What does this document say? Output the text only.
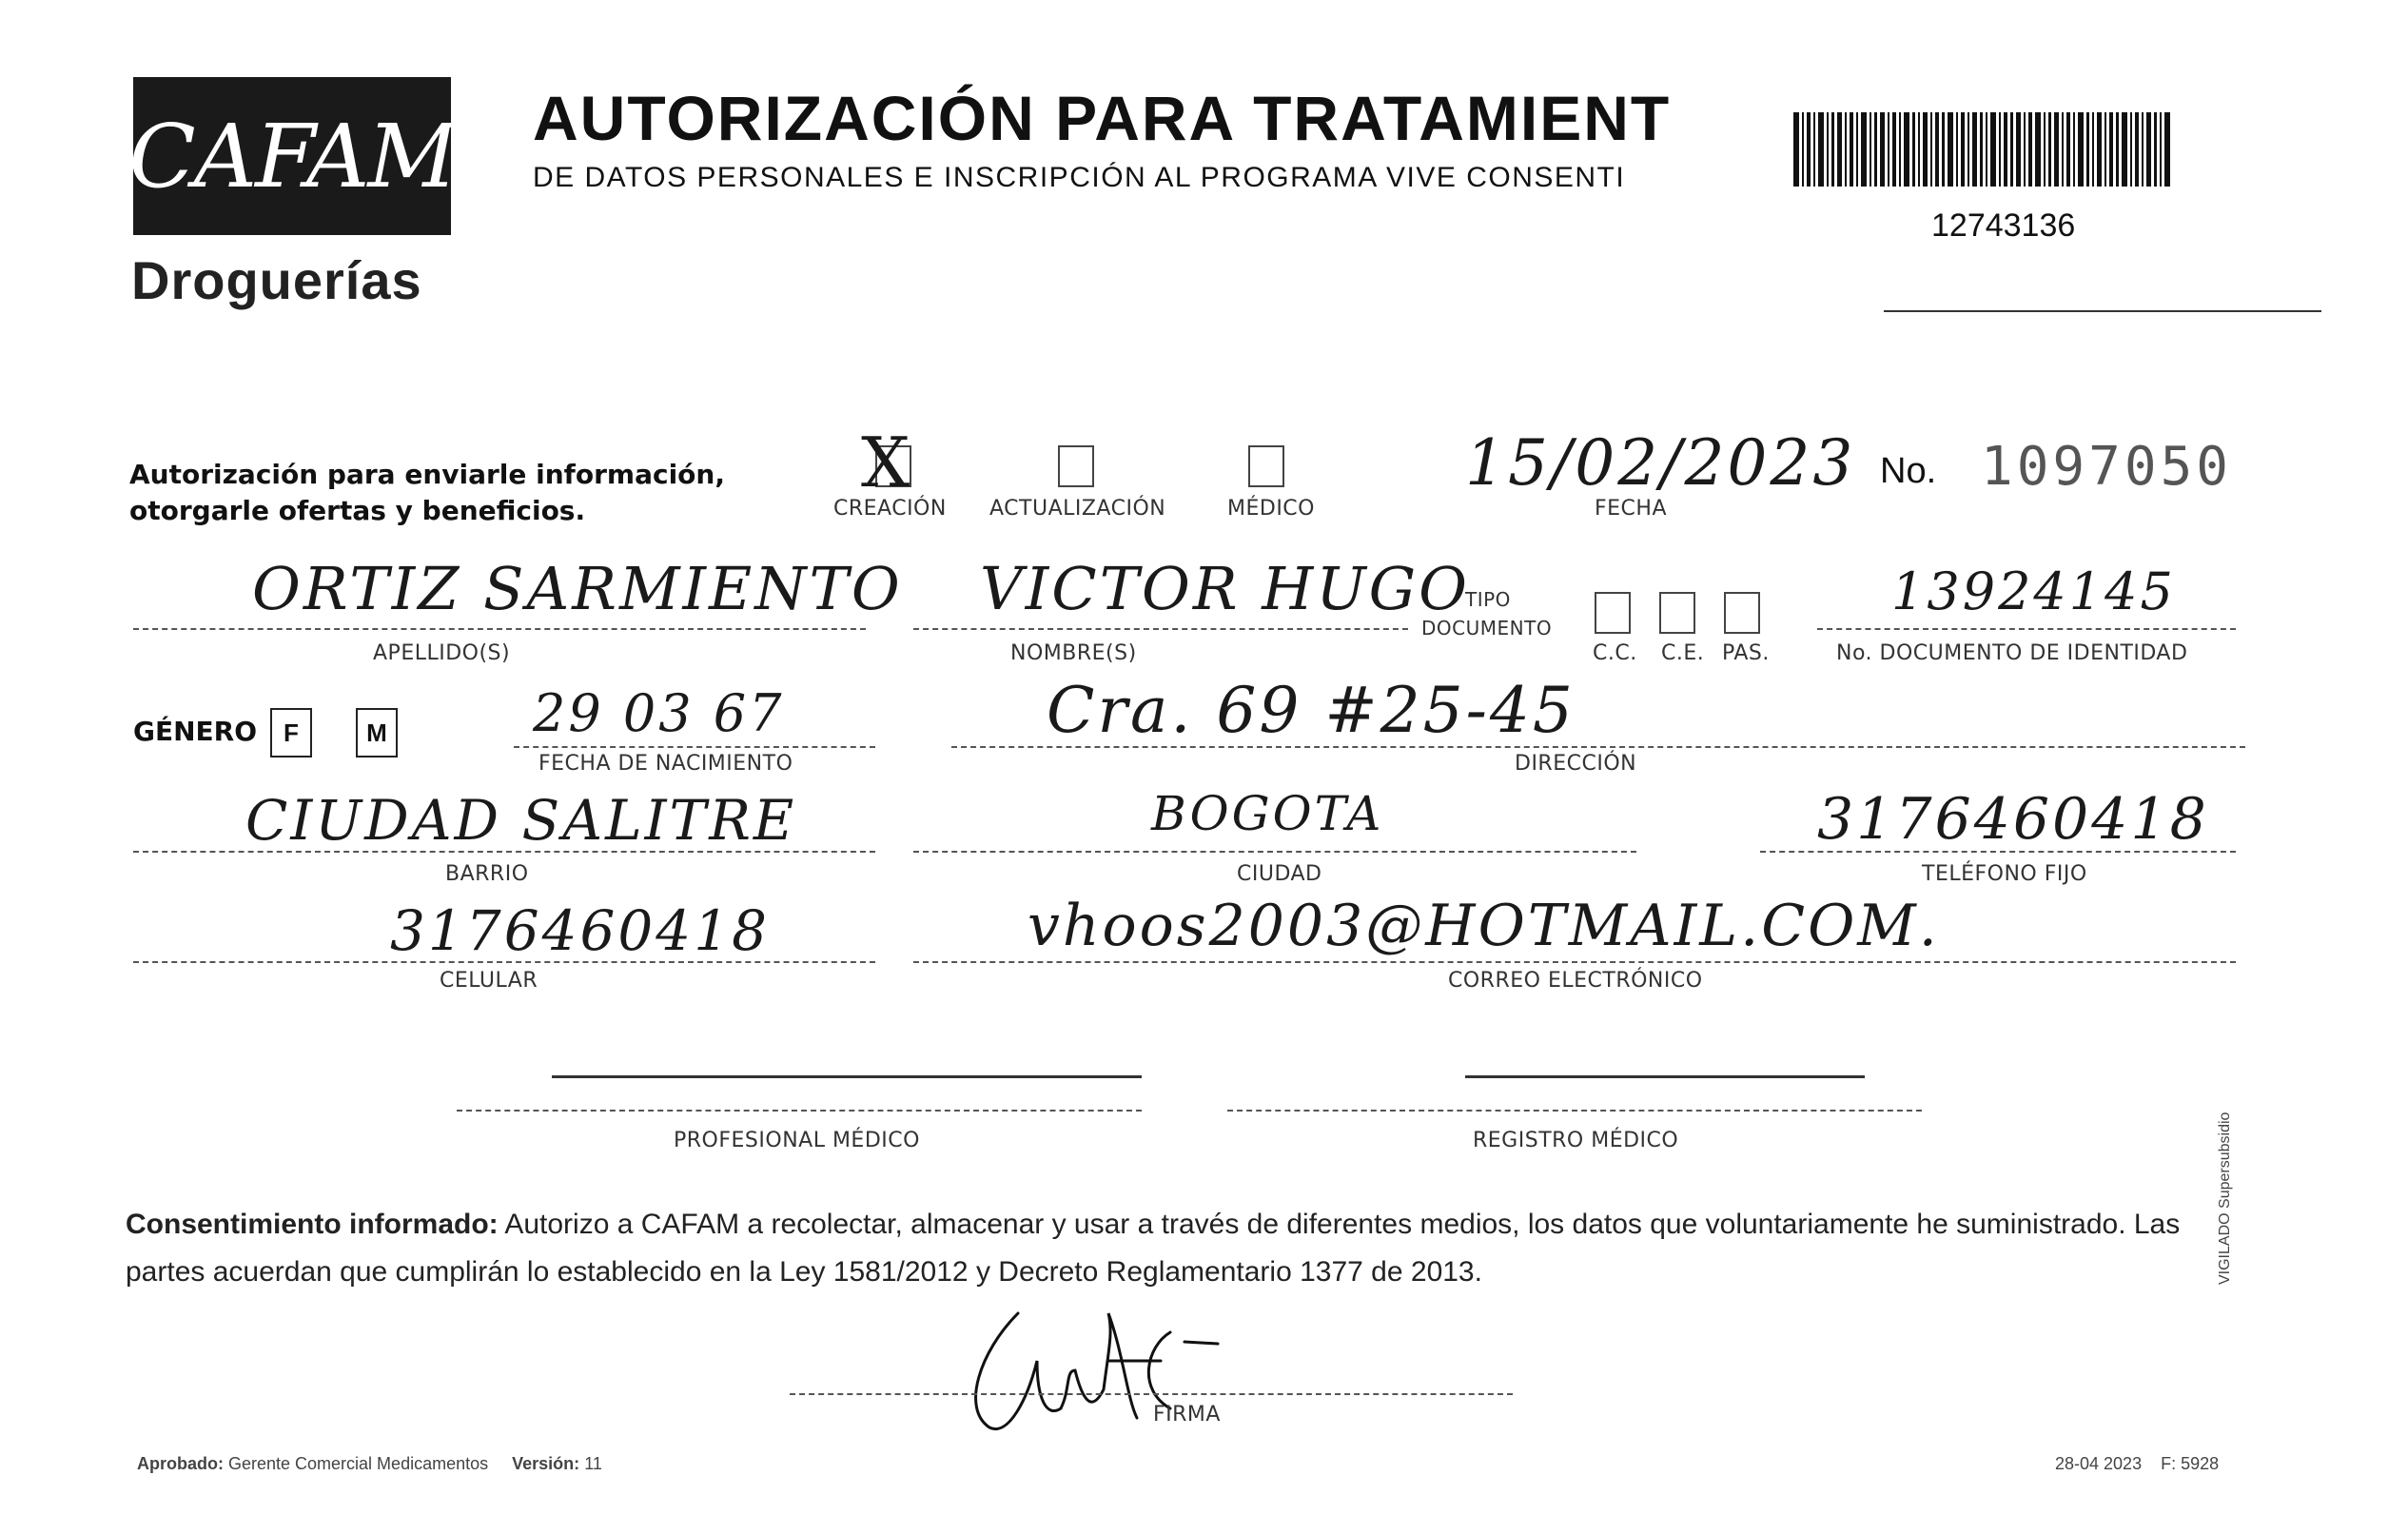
CAFAM
Droguerías
AUTORIZACIÓN PARA TRATAMIENT
DE DATOS PERSONALES E INSCRIPCIÓN AL PROGRAMA VIVE CONSENTI
12743136
Autorización para enviarle información,
otorgarle ofertas y beneficios.
X
CREACIÓN ACTUALIZACIÓN	MÉDICO
15/02/2023
FECHA
No. 1097050
ORTIZ SARMIENTO
APELLIDO(S)
VICTOR HUGO
NOMBRE(S)
TIPO
DOCUMENTO
C.C. C.E. PAS.
13924145
No. DOCUMENTO DE IDENTIDAD
GÉNERO F	M	29 03 67
FECHA DE NACIMIENTO
Cra. 69 #25-45
DIRECCIÓN
CIUDAD SALITRE
BARRIO
BOGOTA
CIUDAD
3176460418
TELÉFONO FIJO
3176460418
CELULAR
vhoos2003@HOTMAIL.COM.
CORREO ELECTRÓNICO
PROFESIONAL MÉDICO	REGISTRO MÉDICO
Consentimiento informado: Autorizo a CAFAM a recolectar, almacenar y usar a través de diferentes medios, los datos que voluntariamente he suministrado. Las partes acuerdan que cumplirán lo establecido en la Ley 1581/2012 y Decreto Reglamentario 1377 de 2013.
FIRMA
Aprobado: Gerente Comercial Medicamentos Versión: 11	28-04 2023 F: 5928
VIGILADO Supersubsidio
